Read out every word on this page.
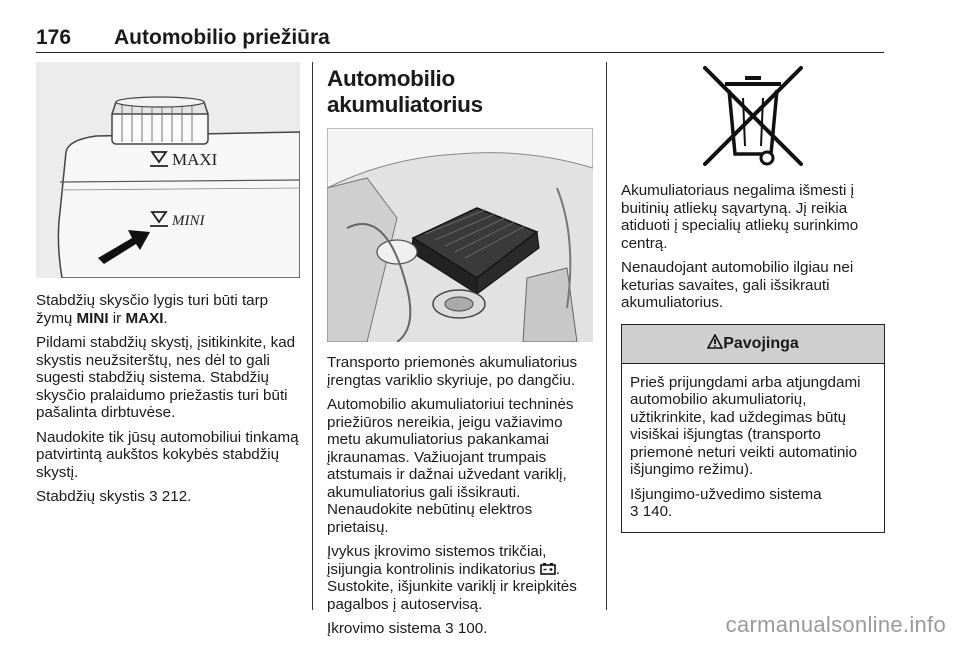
176 Automobilio priežiūra
MAXI
MINI

Stabdžių skysčio lygis turi būti tarp žymų MINI ir MAXI.

Pildami stabdžių skystį, įsitikinkite, kad skystis neužsiterštų, nes dėl to gali sugesti stabdžių sistema. Stabdžių skysčio pralaidumo priežastis turi būti pašalinta dirbtuvėse.

Naudokite tik jūsų automobiliui tinkamą patvirtintą aukštos kokybės stabdžių skystį.

Stabdžių skystis 3 212.

Automobilio akumuliatorius

Transporto priemonės akumuliatorius įrengtas variklio skyriuje, po dangčiu.

Automobilio akumuliatoriui techninės priežiūros nereikia, jeigu važiavimo metu akumuliatorius pakankamai įkraunamas. Važiuojant trumpais atstumais ir dažnai užvedant variklį, akumuliatorius gali išsikrauti. Nenaudokite nebūtinų elektros prietaisų.

Įvykus įkrovimo sistemos trikčiai, įsijungia kontrolinis indikatorius . Sustokite, išjunkite variklį ir kreipkitės pagalbos į autoservisą.

Įkrovimo sistema 3 100.

Akumuliatoriaus negalima išmesti į buitinių atliekų sąvartyną. Jį reikia atiduoti į specialių atliekų surinkimo centrą.

Nenaudojant automobilio ilgiau nei keturias savaites, gali išsikrauti akumuliatorius.

Pavojinga

Prieš prijungdami arba atjungdami automobilio akumuliatorių, užtikrinkite, kad uždegimas būtų visiškai išjungtas (transporto priemonė neturi veikti automatinio išjungimo režimu).

Išjungimo-užvedimo sistema
3 140.

carmanualsonline.info
